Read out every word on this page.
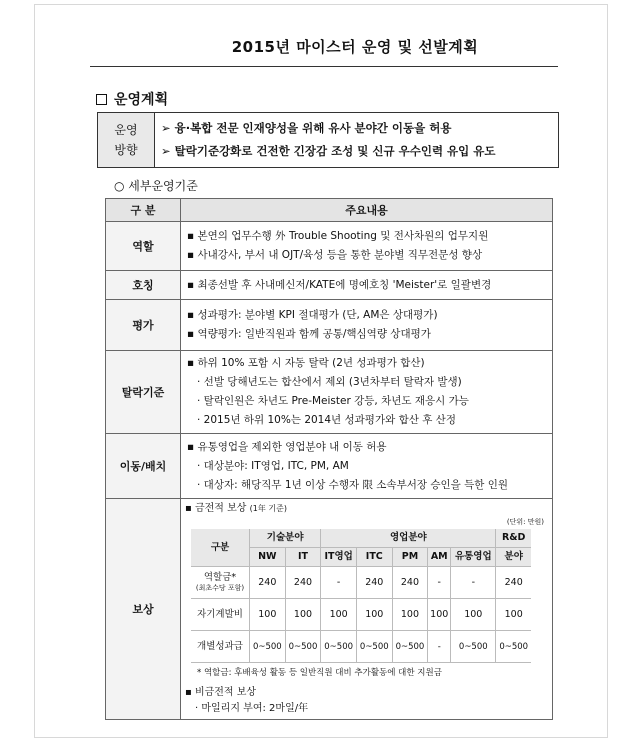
2015년 마이스터 운영 및 선발계획
운영계획
운영
방향
➢ 융·복합 전문 인재양성을 위해 유사 분야간 이동을 허용
➢ 탈락기준강화로 건전한 긴장감 조성 및 신규 우수인력 유입 유도
○ 세부운영기준
구 분	주요내용
역할	
▪ 본연의 업무수행 外 Trouble Shooting 및 전사차원의 업무지원
▪ 사내강사, 부서 내 OJT/육성 등을 통한 분야별 직무전문성 향상

호칭	▪ 최종선발 후 사내메신저/KATE에 명예호칭 'Meister'로 일괄변경

평가	
▪ 성과평가: 분야별 KPI 절대평가 (단, AM은 상대평가)
▪ 역량평가: 일반직원과 함께 공통/핵심역량 상대평가

탈락기준	
▪ 하위 10% 포함 시 자동 탈락 (2년 성과평가 합산)
· 선발 당해년도는 합산에서 제외 (3년차부터 탈락자 발생)
· 탈락인원은 차년도 Pre-Meister 강등, 차년도 재응시 가능
· 2015년 하위 10%는 2014년 성과평가와 합산 후 산정

이동/배치	
▪ 유통영업을 제외한 영업분야 내 이동 허용
· 대상분야: IT영업, ITC, PM, AM
· 대상자: 해당직무 1년 이상 수행자 限 소속부서장 승인을 득한 인원

보상	
▪ 금전적 보상 (1年 기준)
(단위: 만원)
구분	기술분야	영업분야	R&D
NW	IT	IT영업	ITC	PM	AM	유통영업	분야

역할금*
(최초수당 포함)	240	240	-	240	240	-	-	240
자기계발비	100	100	100	100	100	100	100	100
개별성과급	0~500	0~500	0~500	0~500	0~500	-	0~500	0~500
* 역할금: 후배육성 활동 등 일반직원 대비 추가활동에 대한 지원금
▪ 비금전적 보상
· 마일리지 부여: 2마일/年
